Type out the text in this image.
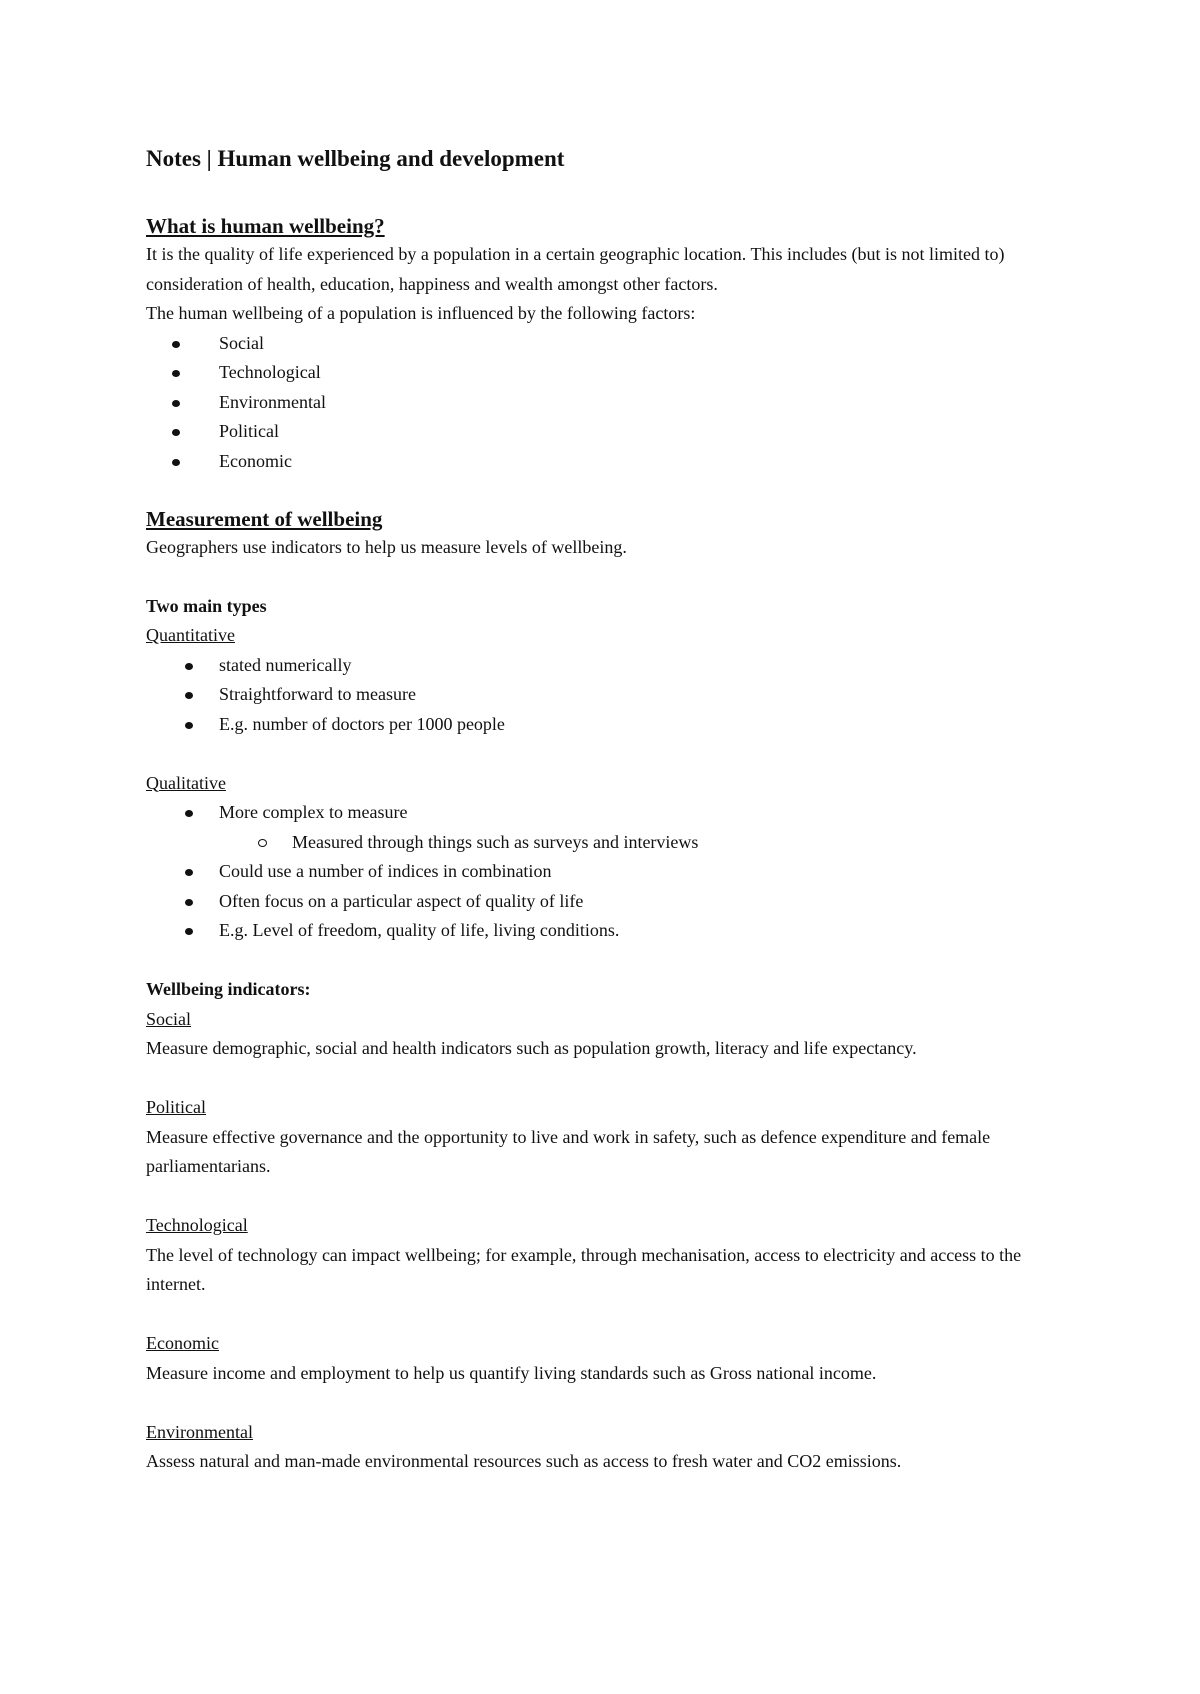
Notes | Human wellbeing and development
What is human wellbeing?

It is the quality of life experienced by a population in a certain geographic location. This includes (but is not limited to) consideration of health, education, happiness and wealth amongst other factors.

The human wellbeing of a population is influenced by the following factors:

Social
Technological
Environmental
Political
Economic
Measurement of wellbeing

Geographers use indicators to help us measure levels of wellbeing.

Two main types

Quantitative

stated numerically
Straightforward to measure
E.g. number of doctors per 1000 people

Qualitative

More complex to measure
Measured through things such as surveys and interviews
Could use a number of indices in combination
Often focus on a particular aspect of quality of life
E.g. Level of freedom, quality of life, living conditions.

Wellbeing indicators:

Social

Measure demographic, social and health indicators such as population growth, literacy and life expectancy.

Political

Measure effective governance and the opportunity to live and work in safety, such as defence expenditure and female parliamentarians.

Technological

The level of technology can impact wellbeing; for example, through mechanisation, access to electricity and access to the internet.

Economic

Measure income and employment to help us quantify living standards such as Gross national income.

Environmental

Assess natural and man-made environmental resources such as access to fresh water and CO2 emissions.
